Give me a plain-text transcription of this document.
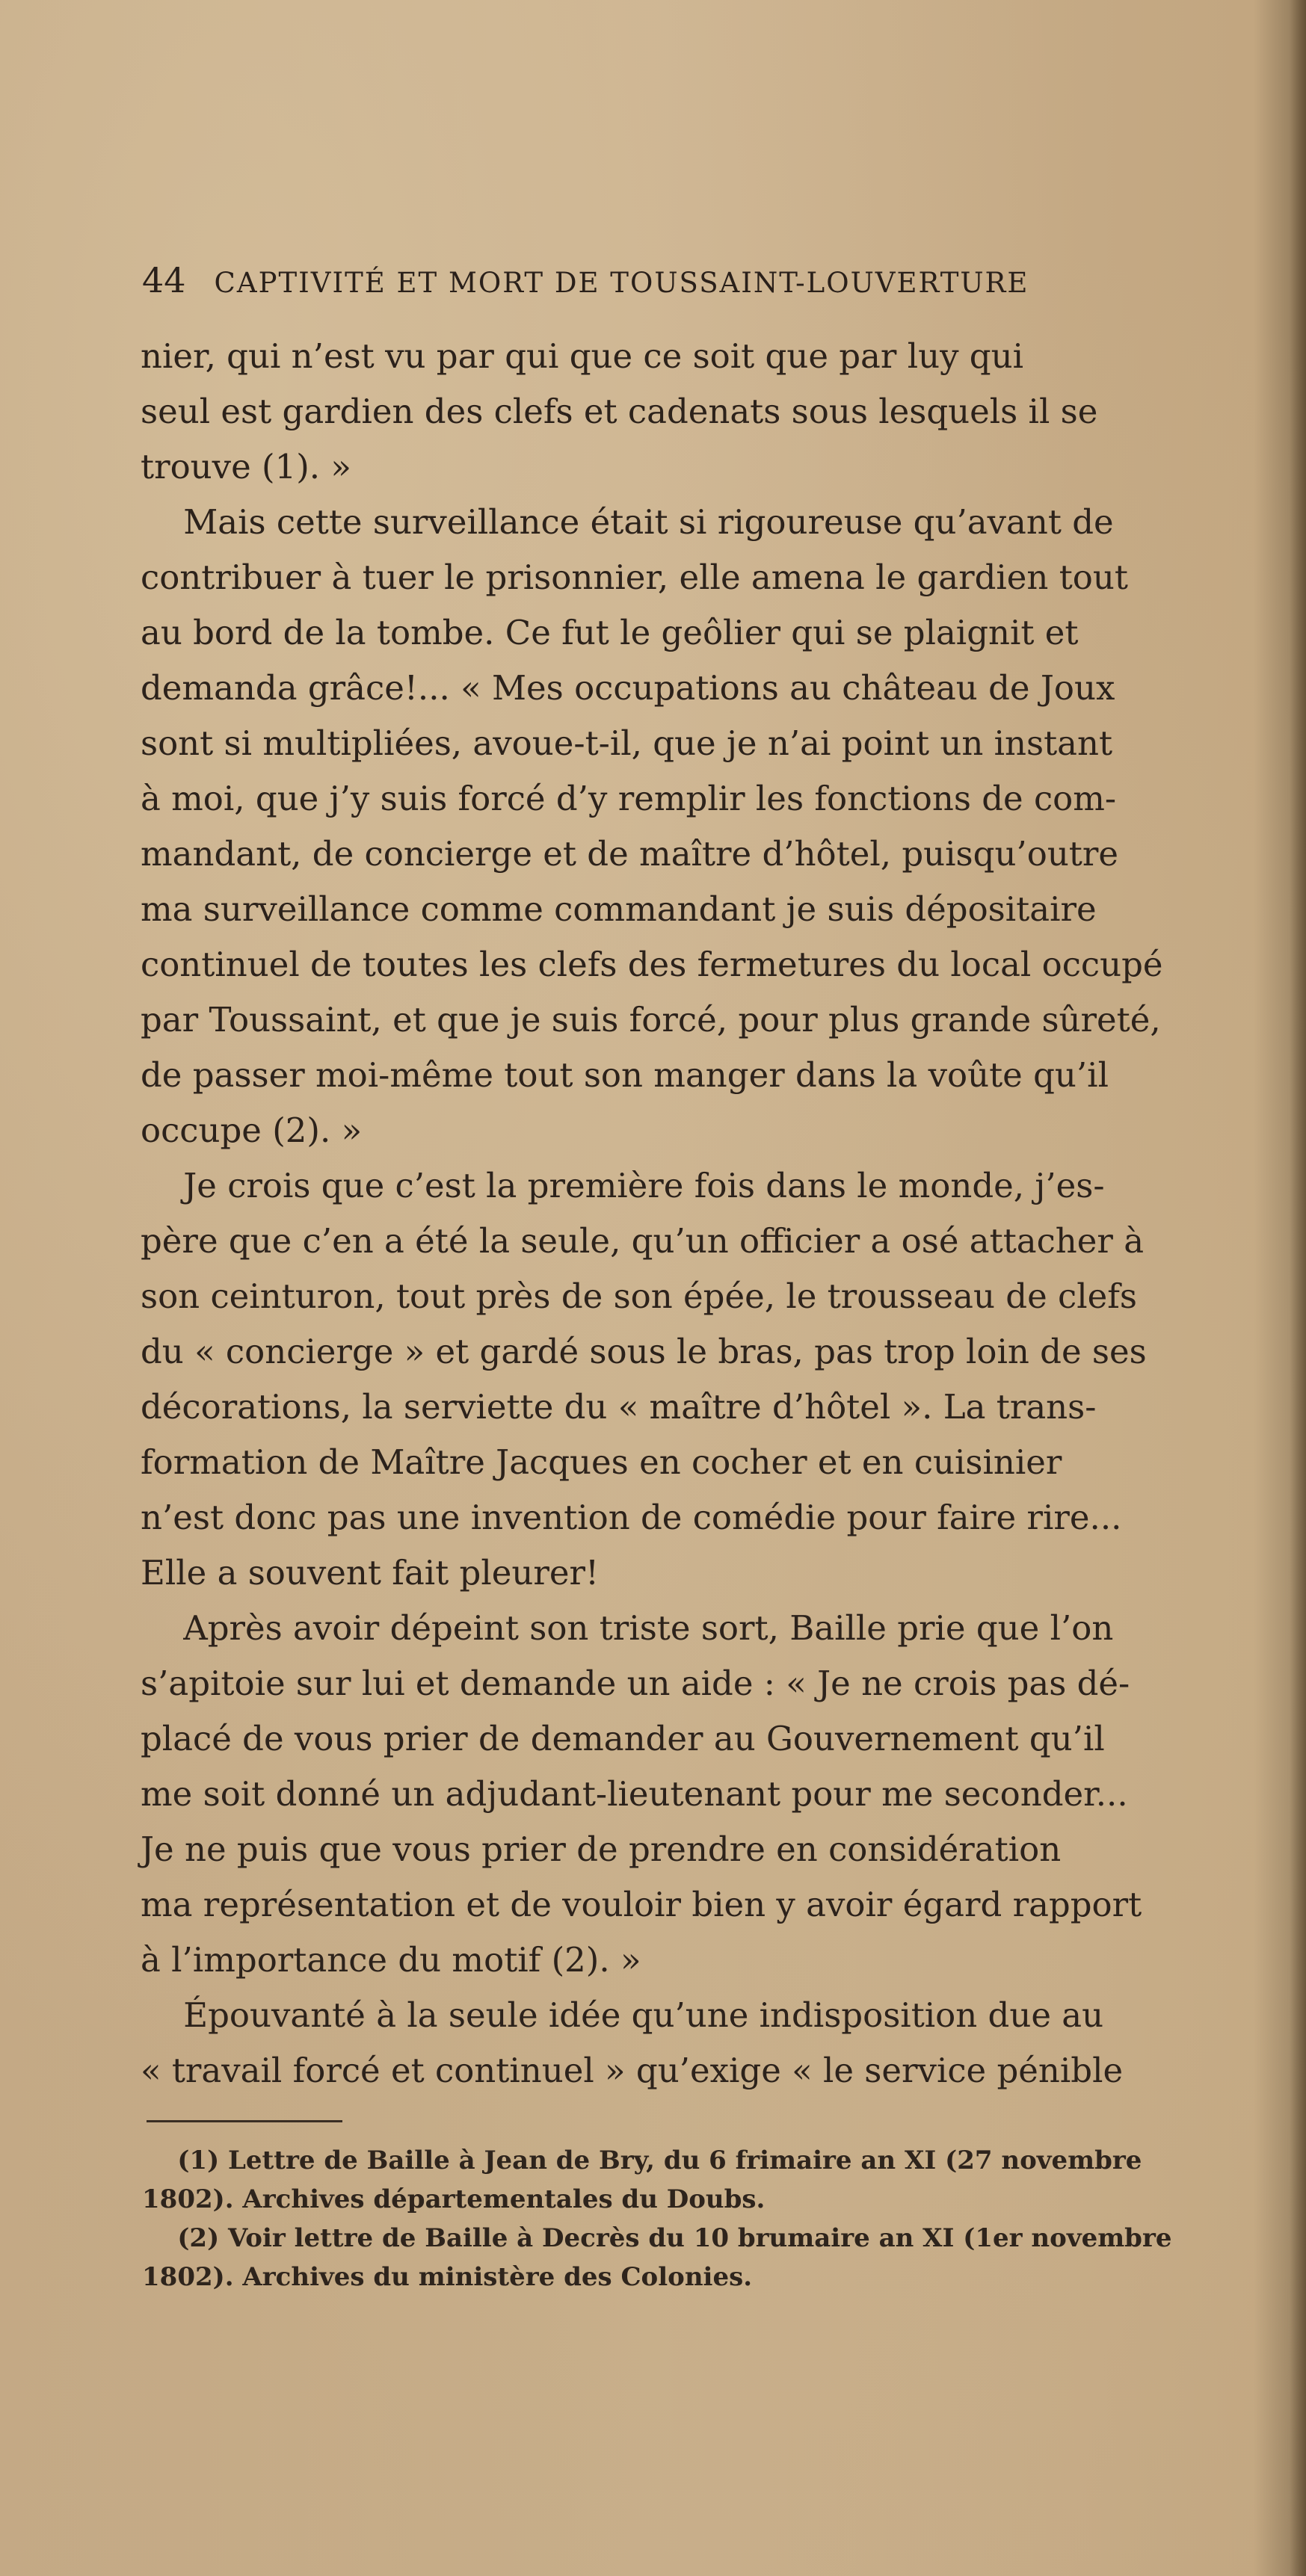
44 CAPTIVITÉ ET MORT DE TOUSSAINT-LOUVERTURE
nier, qui n’est vu par qui que ce soit que par luy qui
seul est gardien des clefs et cadenats sous lesquels il se
trouve (1). »
Mais cette surveillance était si rigoureuse qu’avant de
contribuer à tuer le prisonnier, elle amena le gardien tout
au bord de la tombe. Ce fut le geôlier qui se plaignit et
demanda grâce!... « Mes occupations au château de Joux
sont si multipliées, avoue-t-il, que je n’ai point un instant
à moi, que j’y suis forcé d’y remplir les fonctions de com-
mandant, de concierge et de maître d’hôtel, puisqu’outre
ma surveillance comme commandant je suis dépositaire
continuel de toutes les clefs des fermetures du local occupé
par Toussaint, et que je suis forcé, pour plus grande sûreté,
de passer moi-même tout son manger dans la voûte qu’il
occupe (2). »
Je crois que c’est la première fois dans le monde, j’es-
père que c’en a été la seule, qu’un officier a osé attacher à
son ceinturon, tout près de son épée, le trousseau de clefs
du « concierge » et gardé sous le bras, pas trop loin de ses
décorations, la serviette du « maître d’hôtel ». La trans-
formation de Maître Jacques en cocher et en cuisinier
n’est donc pas une invention de comédie pour faire rire...
Elle a souvent fait pleurer!
Après avoir dépeint son triste sort, Baille prie que l’on
s’apitoie sur lui et demande un aide : « Je ne crois pas dé-
placé de vous prier de demander au Gouvernement qu’il
me soit donné un adjudant-lieutenant pour me seconder...
Je ne puis que vous prier de prendre en considération
ma représentation et de vouloir bien y avoir égard rapport
à l’importance du motif (2). »
Épouvanté à la seule idée qu’une indisposition due au
« travail forcé et continuel » qu’exige « le service pénible
(1) Lettre de Baille à Jean de Bry, du 6 frimaire an XI (27 novembre
1802). Archives départementales du Doubs.
(2) Voir lettre de Baille à Decrès du 10 brumaire an XI (1er novembre
1802). Archives du ministère des Colonies.
